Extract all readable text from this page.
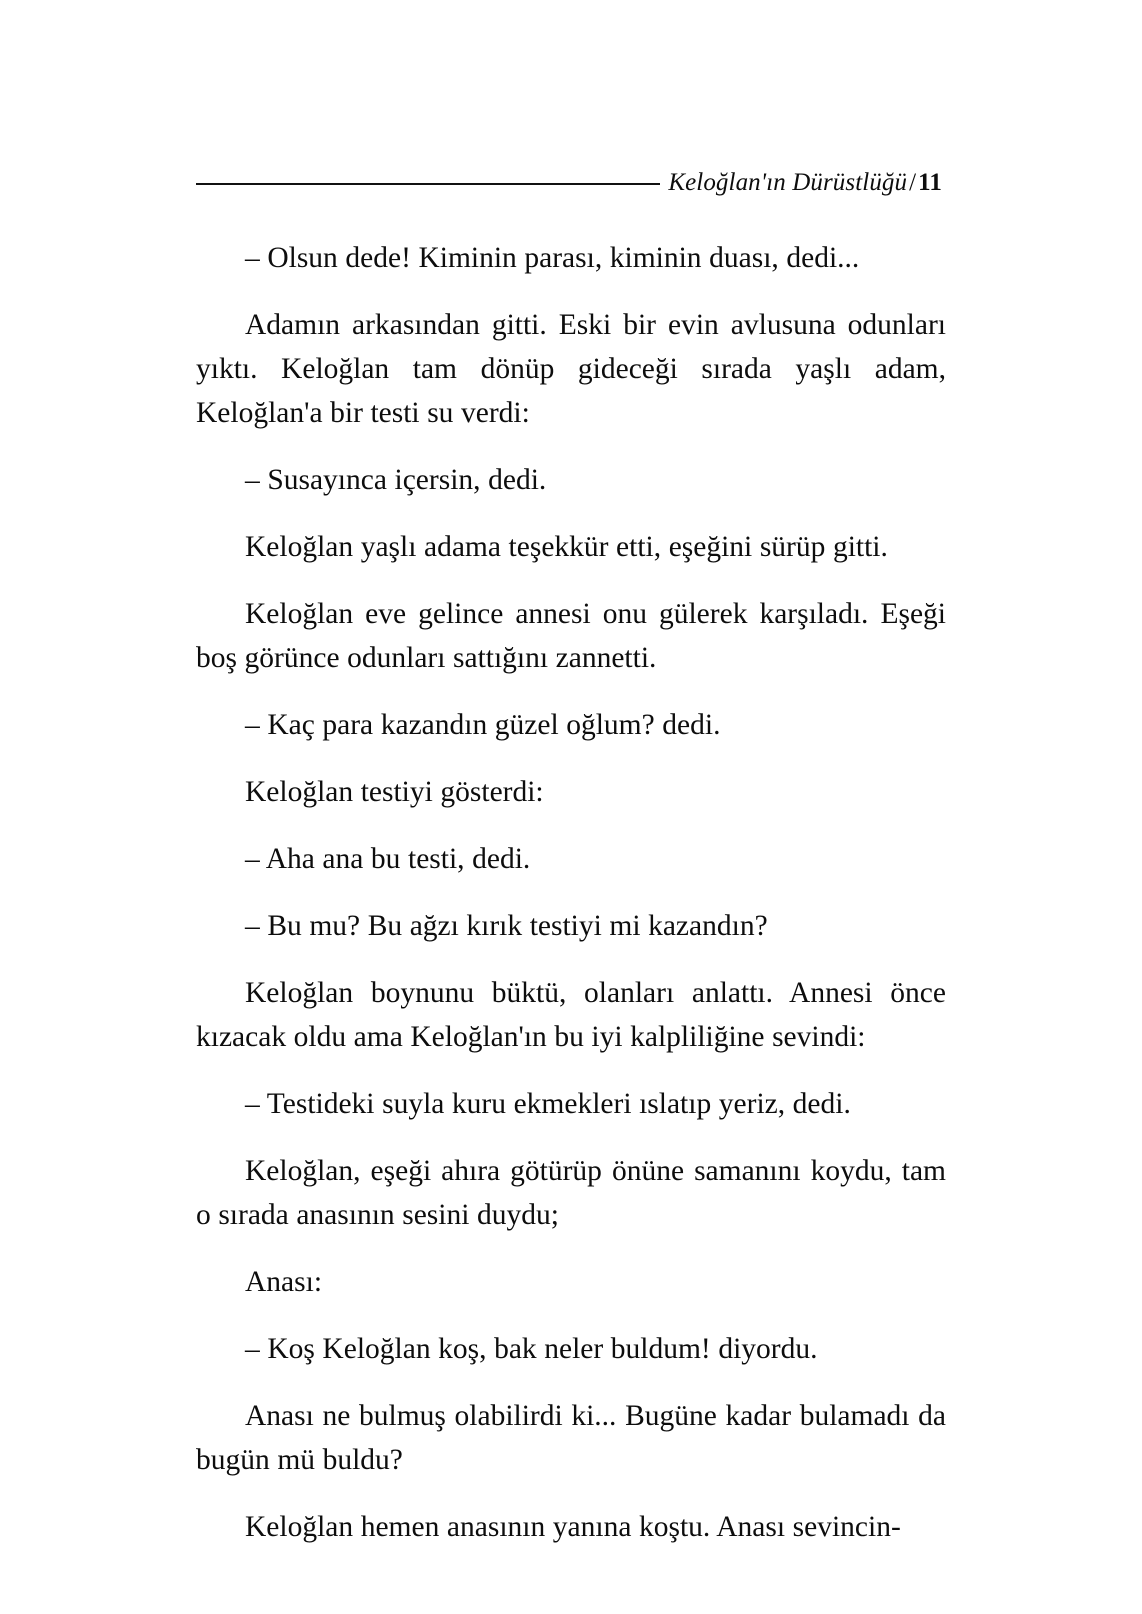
Keloğlan'ın Dürüstlüğü/11

– Olsun dede! Kiminin parası, kiminin duası, dedi...

Adamın arkasından gitti. Eski bir evin avlusuna odunları yıktı. Keloğlan tam dönüp gideceği sırada yaşlı adam, Keloğlan'a bir testi su verdi:

– Susayınca içersin, dedi.

Keloğlan yaşlı adama teşekkür etti, eşeğini sürüp gitti.

Keloğlan eve gelince annesi onu gülerek karşıladı. Eşeği boş görünce odunları sattığını zannetti.

– Kaç para kazandın güzel oğlum? dedi.

Keloğlan testiyi gösterdi:

– Aha ana bu testi, dedi.

– Bu mu? Bu ağzı kırık testiyi mi kazandın?

Keloğlan boynunu büktü, olanları anlattı. Annesi önce kızacak oldu ama Keloğlan'ın bu iyi kalpliliğine sevindi:

– Testideki suyla kuru ekmekleri ıslatıp yeriz, dedi.

Keloğlan, eşeği ahıra götürüp önüne samanını koydu, tam o sırada anasının sesini duydu;

Anası:

– Koş Keloğlan koş, bak neler buldum! diyordu.

Anası ne bulmuş olabilirdi ki... Bugüne kadar bulamadı da bugün mü buldu?

Keloğlan hemen anasının yanına koştu. Anası sevincin-
